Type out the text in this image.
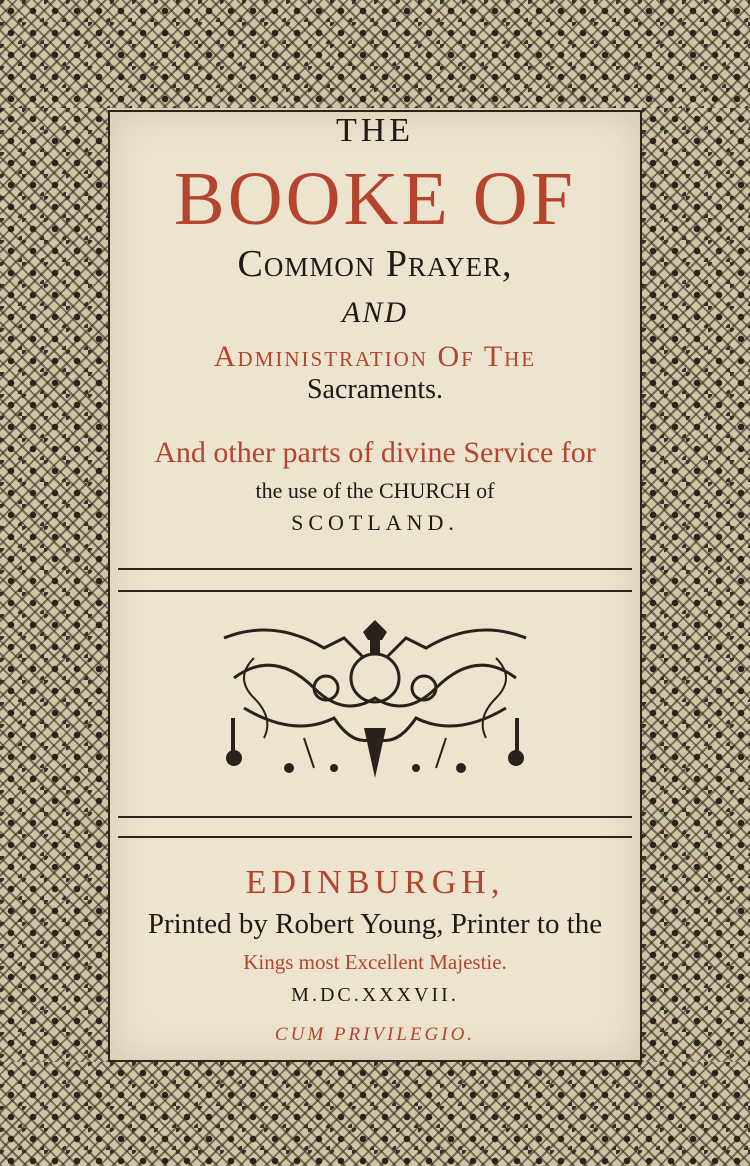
THE
BOOKE OF
Common Prayer,
AND
Administration Of The
Sacraments.
And other parts of divine Service for
the use of the CHURCH of
SCOTLAND.
EDINBURGH,
Printed by Robert Young, Printer to the
Kings most Excellent Majestie.
M.DC.XXXVII.
CUM PRIVILEGIO.
